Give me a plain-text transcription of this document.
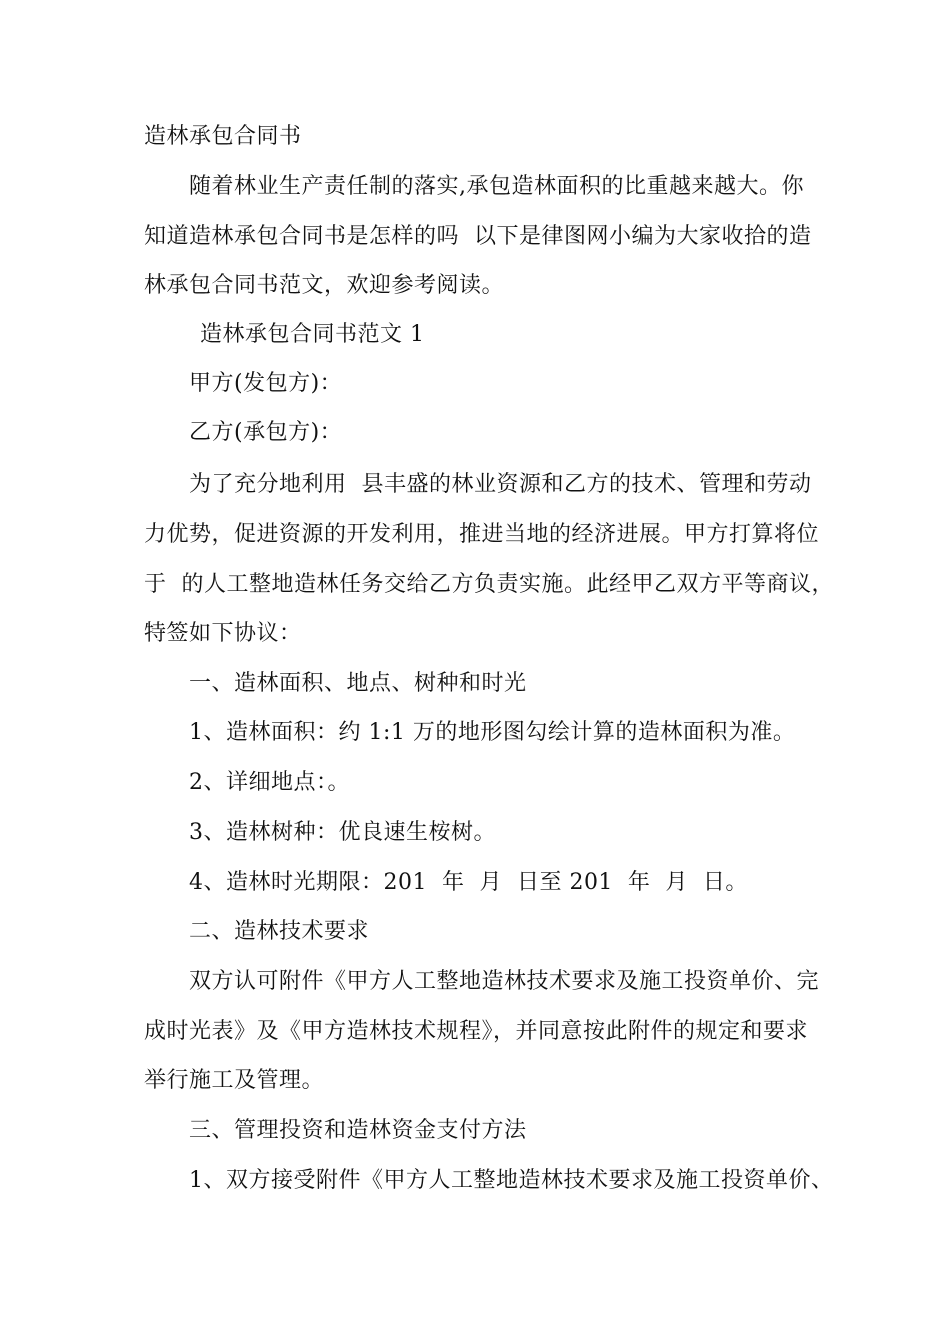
造林承包合同书
随着林业生产责任制的落实,承包造林面积的比重越来越大。你
知道造林承包合同书是怎样的吗  以下是律图网小编为大家收拾的造
林承包合同书范文，欢迎参考阅读。
造林承包合同书范文 1
甲方(发包方)：
乙方(承包方)：
为了充分地利用  县丰盛的林业资源和乙方的技术、管理和劳动
力优势，促进资源的开发利用，推进当地的经济进展。甲方打算将位
于  的人工整地造林任务交给乙方负责实施。此经甲乙双方平等商议，
特签如下协议：
一、造林面积、地点、树种和时光
1、造林面积：约 1:1 万的地形图勾绘计算的造林面积为准。
2、详细地点：。
3、造林树种：优良速生桉树。
4、造林时光期限：201  年  月  日至 201  年  月  日。
二、造林技术要求
双方认可附件《甲方人工整地造林技术要求及施工投资单价、完
成时光表》及《甲方造林技术规程》，并同意按此附件的规定和要求
举行施工及管理。
三、管理投资和造林资金支付方法
1、双方接受附件《甲方人工整地造林技术要求及施工投资单价、
